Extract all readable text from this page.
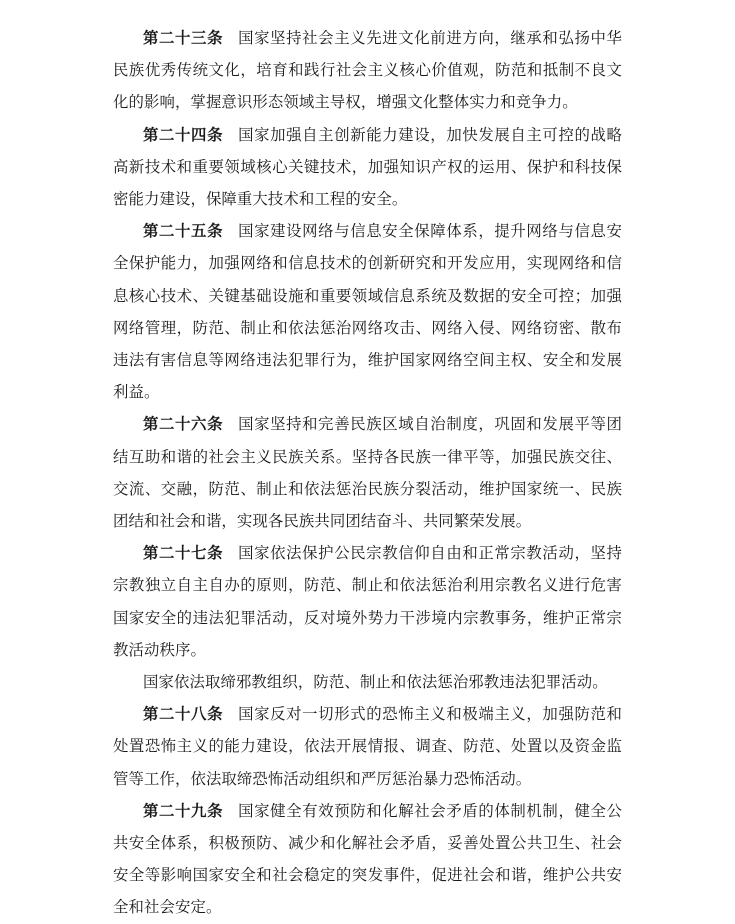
第二十三条 国家坚持社会主义先进文化前进方向，继承和弘扬中华民族优秀传统文化，培育和践行社会主义核心价值观，防范和抵制不良文化的影响，掌握意识形态领域主导权，增强文化整体实力和竞争力。

第二十四条 国家加强自主创新能力建设，加快发展自主可控的战略高新技术和重要领域核心关键技术，加强知识产权的运用、保护和科技保密能力建设，保障重大技术和工程的安全。

第二十五条 国家建设网络与信息安全保障体系，提升网络与信息安全保护能力，加强网络和信息技术的创新研究和开发应用，实现网络和信息核心技术、关键基础设施和重要领域信息系统及数据的安全可控；加强网络管理，防范、制止和依法惩治网络攻击、网络入侵、网络窃密、散布违法有害信息等网络违法犯罪行为，维护国家网络空间主权、安全和发展利益。

第二十六条 国家坚持和完善民族区域自治制度，巩固和发展平等团结互助和谐的社会主义民族关系。坚持各民族一律平等，加强民族交往、交流、交融，防范、制止和依法惩治民族分裂活动，维护国家统一、民族团结和社会和谐，实现各民族共同团结奋斗、共同繁荣发展。

第二十七条 国家依法保护公民宗教信仰自由和正常宗教活动，坚持宗教独立自主自办的原则，防范、制止和依法惩治利用宗教名义进行危害国家安全的违法犯罪活动，反对境外势力干涉境内宗教事务，维护正常宗教活动秩序。

国家依法取缔邪教组织，防范、制止和依法惩治邪教违法犯罪活动。

第二十八条 国家反对一切形式的恐怖主义和极端主义，加强防范和处置恐怖主义的能力建设，依法开展情报、调查、防范、处置以及资金监管等工作，依法取缔恐怖活动组织和严厉惩治暴力恐怖活动。

第二十九条 国家健全有效预防和化解社会矛盾的体制机制，健全公共安全体系，积极预防、减少和化解社会矛盾，妥善处置公共卫生、社会安全等影响国家安全和社会稳定的突发事件，促进社会和谐，维护公共安全和社会安定。
